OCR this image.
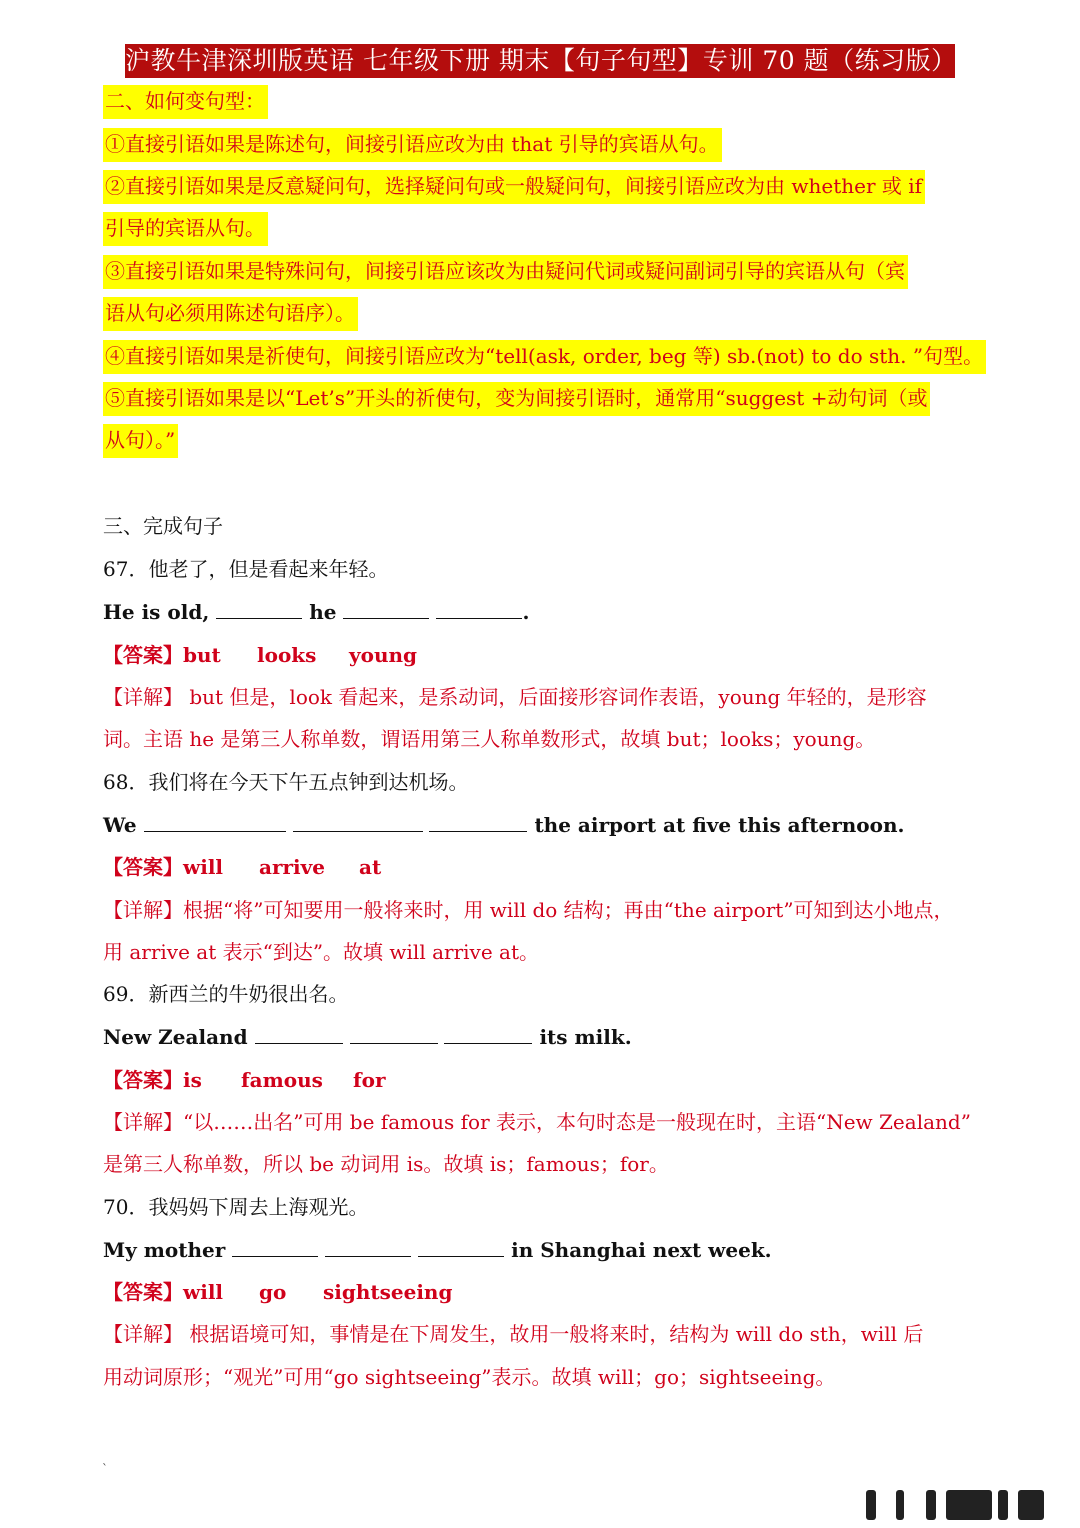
沪教牛津深圳版英语 七年级下册 期末【句子句型】专训 70 题（练习版）
二、如何变句型：
①直接引语如果是陈述句，间接引语应改为由 that 引导的宾语从句。
②直接引语如果是反意疑问句，选择疑问句或一般疑问句，间接引语应改为由 whether 或 if
引导的宾语从句。
③直接引语如果是特殊问句，间接引语应该改为由疑问代词或疑问副词引导的宾语从句（宾
语从句必须用陈述句语序）。
④直接引语如果是祈使句，间接引语应改为“tell(ask, order, beg 等) sb.(not) to do sth. ”句型。
⑤直接引语如果是以“Let’s”开头的祈使句，变为间接引语时，通常用“suggest +动句词（或
从句）。”
三、完成句子
67．他老了，但是看起来年轻。
He is old,	he	.
【答案】but looks young
【详解】 but 但是，look 看起来，是系动词，后面接形容词作表语，young 年轻的，是形容
词。主语 he 是第三人称单数，谓语用第三人称单数形式，故填 but；looks；young。
68．我们将在今天下午五点钟到达机场。
We	the airport at five this afternoon.
【答案】will arrive at
【详解】根据“将”可知要用一般将来时，用 will do 结构；再由“the airport”可知到达小地点，
用 arrive at 表示“到达”。故填 will arrive at。
69．新西兰的牛奶很出名。
New Zealand	its milk.
【答案】is famous for
【详解】“以……出名”可用 be famous for 表示，本句时态是一般现在时，主语“New Zealand”
是第三人称单数，所以 be 动词用 is。故填 is；famous；for。
70．我妈妈下周去上海观光。
My mother	in Shanghai next week.
【答案】will go sightseeing
【详解】 根据语境可知，事情是在下周发生，故用一般将来时，结构为 will do sth，will 后
用动词原形；“观光”可用“go sightseeing”表示。故填 will；go；sightseeing。
`
